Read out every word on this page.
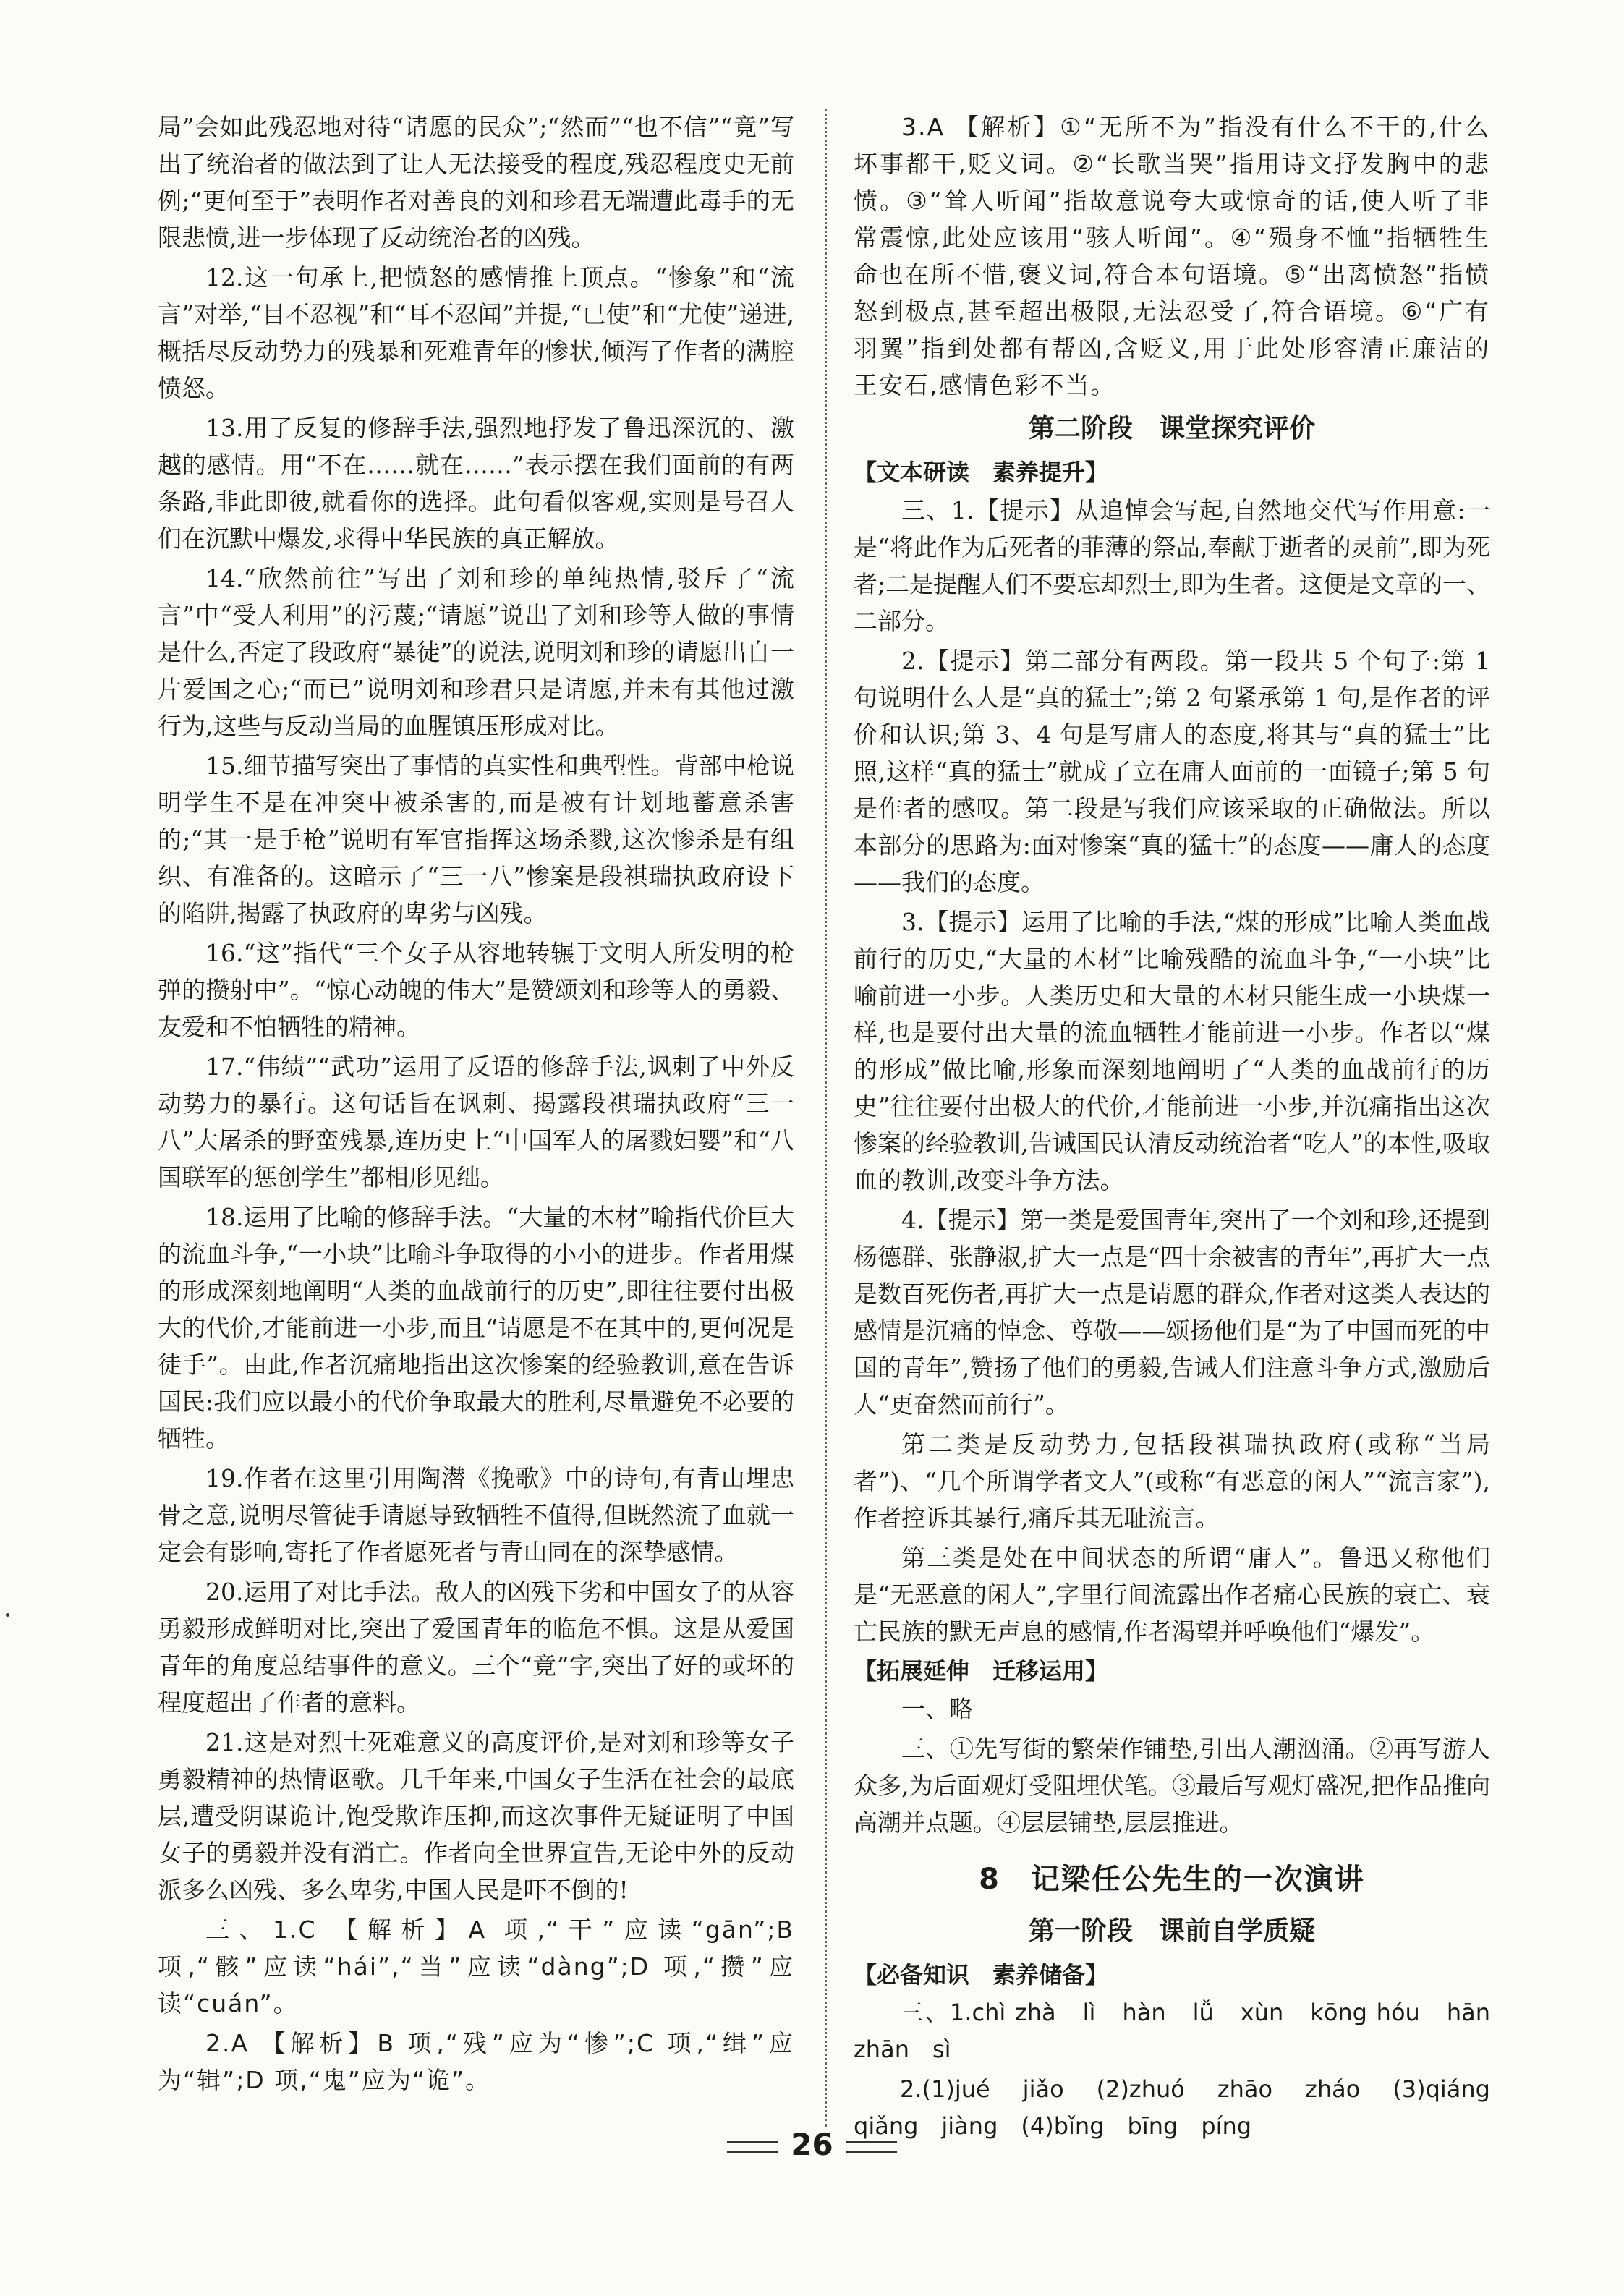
局”会如此残忍地对待“请愿的民众”;“然而”“也不信”“竟”写出了统治者的做法到了让人无法接受的程度,残忍程度史无前例;“更何至于”表明作者对善良的刘和珍君无端遭此毒手的无限悲愤,进一步体现了反动统治者的凶残。

12.这一句承上,把愤怒的感情推上顶点。“惨象”和“流言”对举,“目不忍视”和“耳不忍闻”并提,“已使”和“尤使”递进,概括尽反动势力的残暴和死难青年的惨状,倾泻了作者的满腔愤怒。

13.用了反复的修辞手法,强烈地抒发了鲁迅深沉的、激越的感情。用“不在……就在……”表示摆在我们面前的有两条路,非此即彼,就看你的选择。此句看似客观,实则是号召人们在沉默中爆发,求得中华民族的真正解放。

14.“欣然前往”写出了刘和珍的单纯热情,驳斥了“流言”中“受人利用”的污蔑;“请愿”说出了刘和珍等人做的事情是什么,否定了段政府“暴徒”的说法,说明刘和珍的请愿出自一片爱国之心;“而已”说明刘和珍君只是请愿,并未有其他过激行为,这些与反动当局的血腥镇压形成对比。

15.细节描写突出了事情的真实性和典型性。背部中枪说明学生不是在冲突中被杀害的,而是被有计划地蓄意杀害的;“其一是手枪”说明有军官指挥这场杀戮,这次惨杀是有组织、有准备的。这暗示了“三一八”惨案是段祺瑞执政府设下的陷阱,揭露了执政府的卑劣与凶残。

16.“这”指代“三个女子从容地转辗于文明人所发明的枪弹的攒射中”。“惊心动魄的伟大”是赞颂刘和珍等人的勇毅、友爱和不怕牺牲的精神。

17.“伟绩”“武功”运用了反语的修辞手法,讽刺了中外反动势力的暴行。这句话旨在讽刺、揭露段祺瑞执政府“三一八”大屠杀的野蛮残暴,连历史上“中国军人的屠戮妇婴”和“八国联军的惩创学生”都相形见绌。

18.运用了比喻的修辞手法。“大量的木材”喻指代价巨大的流血斗争,“一小块”比喻斗争取得的小小的进步。作者用煤的形成深刻地阐明“人类的血战前行的历史”,即往往要付出极大的代价,才能前进一小步,而且“请愿是不在其中的,更何况是徒手”。由此,作者沉痛地指出这次惨案的经验教训,意在告诉国民:我们应以最小的代价争取最大的胜利,尽量避免不必要的牺牲。

19.作者在这里引用陶潜《挽歌》中的诗句,有青山埋忠骨之意,说明尽管徒手请愿导致牺牲不值得,但既然流了血就一定会有影响,寄托了作者愿死者与青山同在的深挚感情。

20.运用了对比手法。敌人的凶残下劣和中国女子的从容勇毅形成鲜明对比,突出了爱国青年的临危不惧。这是从爱国青年的角度总结事件的意义。三个“竟”字,突出了好的或坏的程度超出了作者的意料。

21.这是对烈士死难意义的高度评价,是对刘和珍等女子勇毅精神的热情讴歌。几千年来,中国女子生活在社会的最底层,遭受阴谋诡计,饱受欺诈压抑,而这次事件无疑证明了中国女子的勇毅并没有消亡。作者向全世界宣告,无论中外的反动派多么凶残、多么卑劣,中国人民是吓不倒的!

三、1.C 【解析】A 项,“干”应读“gān”;B 项,“骸”应读“hái”,“当”应读“dàng”;D 项,“攒”应读“cuán”。

2.A 【解析】B 项,“残”应为“惨”;C 项,“缉”应为“辑”;D 项,“鬼”应为“诡”。

3.A 【解析】①“无所不为”指没有什么不干的,什么坏事都干,贬义词。②“长歌当哭”指用诗文抒发胸中的悲愤。③“耸人听闻”指故意说夸大或惊奇的话,使人听了非常震惊,此处应该用“骇人听闻”。④“殒身不恤”指牺牲生命也在所不惜,褒义词,符合本句语境。⑤“出离愤怒”指愤怒到极点,甚至超出极限,无法忍受了,符合语境。⑥“广有羽翼”指到处都有帮凶,含贬义,用于此处形容清正廉洁的王安石,感情色彩不当。

第二阶段　课堂探究评价
【文本研读　素养提升】

三、1.【提示】从追悼会写起,自然地交代写作用意:一是“将此作为后死者的菲薄的祭品,奉献于逝者的灵前”,即为死者;二是提醒人们不要忘却烈士,即为生者。这便是文章的一、二部分。

2.【提示】第二部分有两段。第一段共 5 个句子:第 1 句说明什么人是“真的猛士”;第 2 句紧承第 1 句,是作者的评价和认识;第 3、4 句是写庸人的态度,将其与“真的猛士”比照,这样“真的猛士”就成了立在庸人面前的一面镜子;第 5 句是作者的感叹。第二段是写我们应该采取的正确做法。所以本部分的思路为:面对惨案“真的猛士”的态度——庸人的态度——我们的态度。

3.【提示】运用了比喻的手法,“煤的形成”比喻人类血战前行的历史,“大量的木材”比喻残酷的流血斗争,“一小块”比喻前进一小步。人类历史和大量的木材只能生成一小块煤一样,也是要付出大量的流血牺牲才能前进一小步。作者以“煤的形成”做比喻,形象而深刻地阐明了“人类的血战前行的历史”往往要付出极大的代价,才能前进一小步,并沉痛指出这次惨案的经验教训,告诫国民认清反动统治者“吃人”的本性,吸取血的教训,改变斗争方法。

4.【提示】第一类是爱国青年,突出了一个刘和珍,还提到杨德群、张静淑,扩大一点是“四十余被害的青年”,再扩大一点是数百死伤者,再扩大一点是请愿的群众,作者对这类人表达的感情是沉痛的悼念、尊敬——颂扬他们是“为了中国而死的中国的青年”,赞扬了他们的勇毅,告诫人们注意斗争方式,激励后人“更奋然而前行”。

第二类是反动势力,包括段祺瑞执政府(或称“当局者”)、“几个所谓学者文人”(或称“有恶意的闲人”“流言家”),作者控诉其暴行,痛斥其无耻流言。

第三类是处在中间状态的所谓“庸人”。鲁迅又称他们是“无恶意的闲人”,字里行间流露出作者痛心民族的衰亡、衰亡民族的默无声息的感情,作者渴望并呼唤他们“爆发”。

【拓展延伸　迁移运用】

一、略

三、①先写街的繁荣作铺垫,引出人潮汹涌。②再写游人众多,为后面观灯受阻埋伏笔。③最后写观灯盛况,把作品推向高潮并点题。④层层铺垫,层层推进。

8　记梁任公先生的一次演讲
第一阶段　课前自学质疑
【必备知识　素养储备】

三、1.chì zhà　lì　hàn　lǚ　xùn　kōng hóu　hān zhān　sì

2.(1)jué　jiǎo　(2)zhuó　zhāo　zháo　(3)qiáng qiǎng　jiàng　(4)bǐng　bīng　píng

26
